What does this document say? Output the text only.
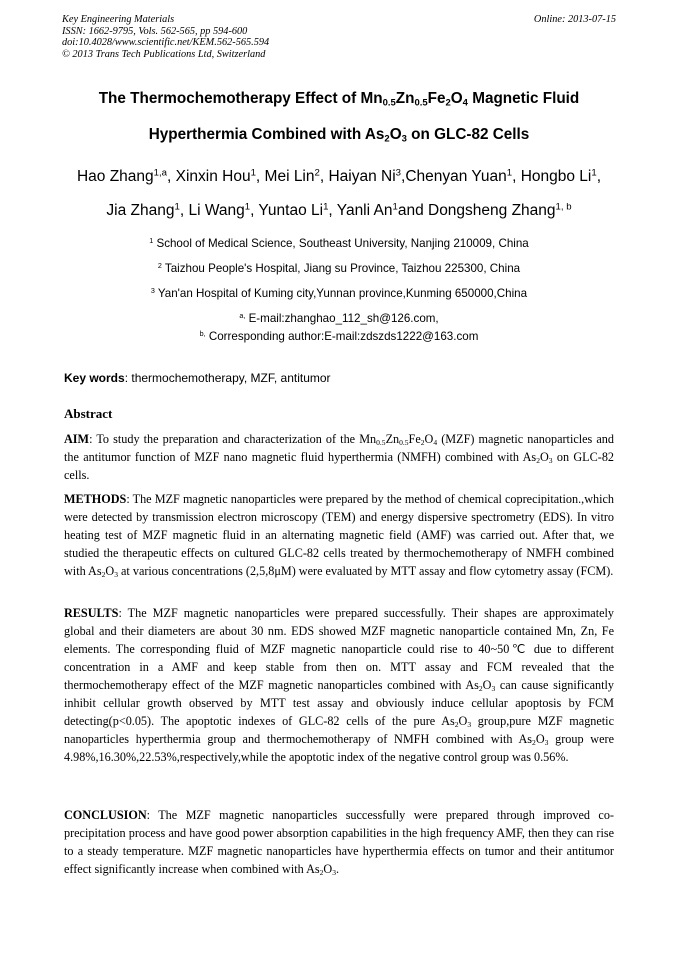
Key Engineering Materials
ISSN: 1662-9795, Vols. 562-565, pp 594-600
doi:10.4028/www.scientific.net/KEM.562-565.594
© 2013 Trans Tech Publications Ltd, Switzerland
Online: 2013-07-15
The Thermochemotherapy Effect of $Mn_{0.5}Zn_{0.5}Fe_2O_4$ Magnetic Fluid
Hyperthermia Combined with $As_2O_3$ on GLC-82 Cells
Hao Zhang$^{1,a}$, Xinxin Hou$^1$, Mei Lin$^2$, Haiyan Ni$^3$,Chenyan Yuan$^1$, Hongbo Li$^1$,
Jia Zhang$^1$, Li Wang$^1$, Yuntao Li$^1$, Yanli An$^1$and Dongsheng Zhang$^{1, b}$
$^1$ School of Medical Science, Southeast University, Nanjing 210009, China
$^2$ Taizhou People's Hospital, Jiang su Province, Taizhou 225300, China
$^3$ Yan'an Hospital of Kuming city,Yunnan province,Kunming 650000,China
$^{a,}$ E-mail:zhanghao_112_sh@126.com,
$^{b,}$ Corresponding author:E-mail:zdszds1222@163.com
Key words: thermochemotherapy, MZF, antitumor
Abstract

AIM: To study the preparation and characterization of the $Mn_{0.5}Zn_{0.5}Fe_2O_4$ (MZF) magnetic nanoparticles and the antitumor function of MZF nano magnetic fluid hyperthermia (NMFH) combined with $As_2O_3$ on GLC-82 cells.

METHODS: The MZF magnetic nanoparticles were prepared by the method of chemical coprecipitation.,which were detected by transmission electron microscopy (TEM) and energy dispersive spectrometry (EDS). In vitro heating test of MZF magnetic fluid in an alternating magnetic field (AMF) was carried out. After that, we studied the therapeutic effects on cultured GLC-82 cells treated by thermochemotherapy of NMFH combined with $As_2O_3$ at various concentrations (2,5,8μM) were evaluated by MTT assay and flow cytometry assay (FCM).

RESULTS: The MZF magnetic nanoparticles were prepared successfully. Their shapes are approximately global and their diameters are about 30 nm. EDS showed MZF magnetic nanoparticle contained Mn, Zn, Fe elements. The corresponding fluid of MZF magnetic nanoparticle could rise to 40~50℃ due to different concentration in a AMF and keep stable from then on. MTT assay and FCM revealed that the thermochemotherapy effect of the MZF magnetic nanoparticles combined with $As_2O_3$ can cause significantly inhibit cellular growth observed by MTT test assay and obviously induce cellular apoptosis by FCM detecting(p<0.05). The apoptotic indexes of GLC-82 cells of the pure $As_2O_3$ group,pure MZF magnetic nanoparticles hyperthermia group and thermochemotherapy of NMFH combined with $As_2O_3$ group were 4.98%,16.30%,22.53%,respectively,while the apoptotic index of the negative control group was 0.56%.

CONCLUSION: The MZF magnetic nanoparticles successfully were prepared through improved co-precipitation process and have good power absorption capabilities in the high frequency AMF, then they can rise to a steady temperature. MZF magnetic nanoparticles have hyperthermia effects on tumor and their antitumor effect significantly increase when combined with $As_2O_3$.
